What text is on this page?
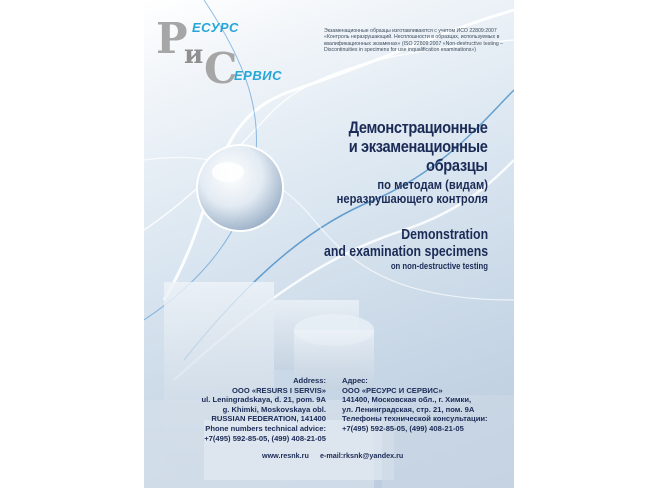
Р ЕСУРС
и С
ЕРВИС
Экзаменационные образцы изготавливаются с учетом ИСО 22809:2007 «Контроль неразрушающий. Несплошности в образцах, используемых в квалификационных экзаменах» (ISO 22809:2007 «Non-destructive testing – Discontinuities in specimens for use inqualification examinations»)
Демонстрационные
и экзаменационные
образцы
по методам (видам)
неразрушающего контроля
Demonstration
and examination specimens
on non-destructive testing
Address:
OOO «RESURS I SERVIS»
ul. Leningradskaya, d. 21, pom. 9A
g. Khimki, Moskovskaya obl.
RUSSIAN FEDERATION, 141400
Phone numbers technical advice:
+7(495) 592-85-05, (499) 408-21-05
Адрес:
ООО «РЕСУРС И СЕРВИС»
141400, Московская обл., г. Химки,
ул. Ленинградская, стр. 21, пом. 9А
Телефоны технической консультации:
+7(495) 592-85-05, (499) 408-21-05
www.resnk.ru e-mail:rksnk@yandex.ru
